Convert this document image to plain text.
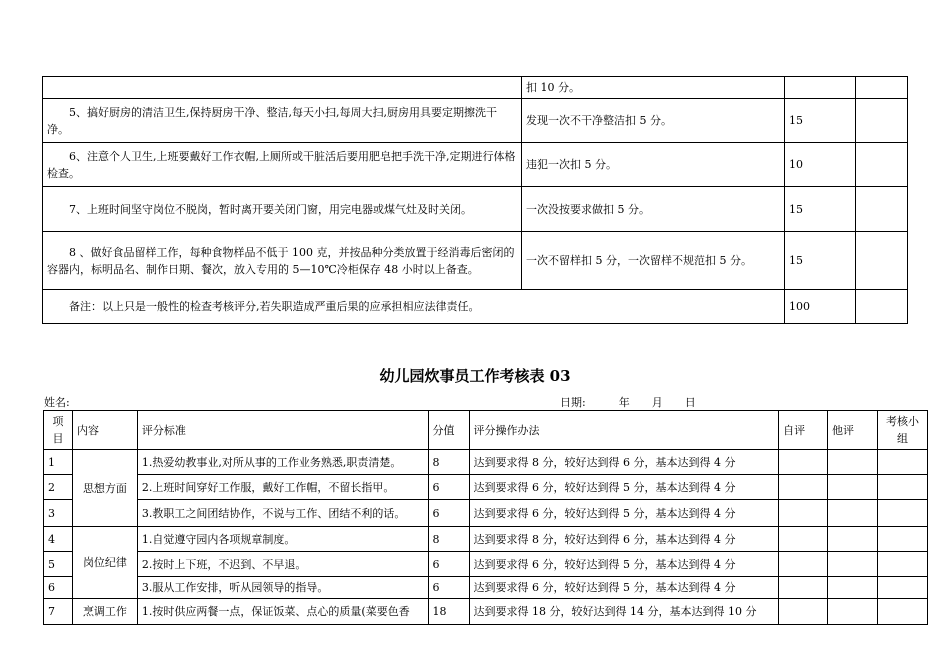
	扣 10 分。		
5、搞好厨房的清洁卫生,保持厨房干净、整洁,每天小扫,每周大扫,厨房用具要定期擦洗干净。	发现一次不干净整洁扣 5 分。	15	
6、注意个人卫生,上班要戴好工作衣帽,上厕所或干脏活后要用肥皂把手洗干净,定期进行体格检查。	违犯一次扣 5 分。	10	
7、上班时间坚守岗位不脱岗，暂时离开要关闭门窗，用完电器或煤气灶及时关闭。	一次没按要求做扣 5 分。	15	
8 、做好食品留样工作，每种食物样品不低于 100 克，并按品种分类放置于经消毒后密闭的容器内，标明品名、制作日期、餐次，放入专用的 5—10℃冷柜保存 48 小时以上备查。	一次不留样扣 5 分，一次留样不规范扣 5 分。	15	
备注：以上只是一般性的检查考核评分,若失职造成严重后果的应承担相应法律责任。		100	
幼儿园炊事员工作考核表 03
姓名:	日期:　　　年　　月　　日
项目	内容	评分标准	分值	评分操作办法	自评	他评	考核小组
1	思想方面	1.热爱幼教事业,对所从事的工作业务熟悉,职责清楚。	8	达到要求得 8 分，较好达到得 6 分，基本达到得 4 分			
2		2.上班时间穿好工作服，戴好工作帽，不留长指甲。	6	达到要求得 6 分，较好达到得 5 分，基本达到得 4 分			
3		3.教职工之间团结协作，不说与工作、团结不利的话。	6	达到要求得 6 分，较好达到得 5 分，基本达到得 4 分			
4	岗位纪律	1.自觉遵守园内各项规章制度。	8	达到要求得 8 分，较好达到得 6 分，基本达到得 4 分			
5		2.按时上下班，不迟到、不早退。	6	达到要求得 6 分，较好达到得 5 分，基本达到得 4 分			
6		3.服从工作安排，听从园领导的指导。	6	达到要求得 6 分，较好达到得 5 分，基本达到得 4 分			
7	烹调工作	1.按时供应两餐一点，保证饭菜、点心的质量(菜要色香	18	达到要求得 18 分，较好达到得 14 分，基本达到得 10 分			
